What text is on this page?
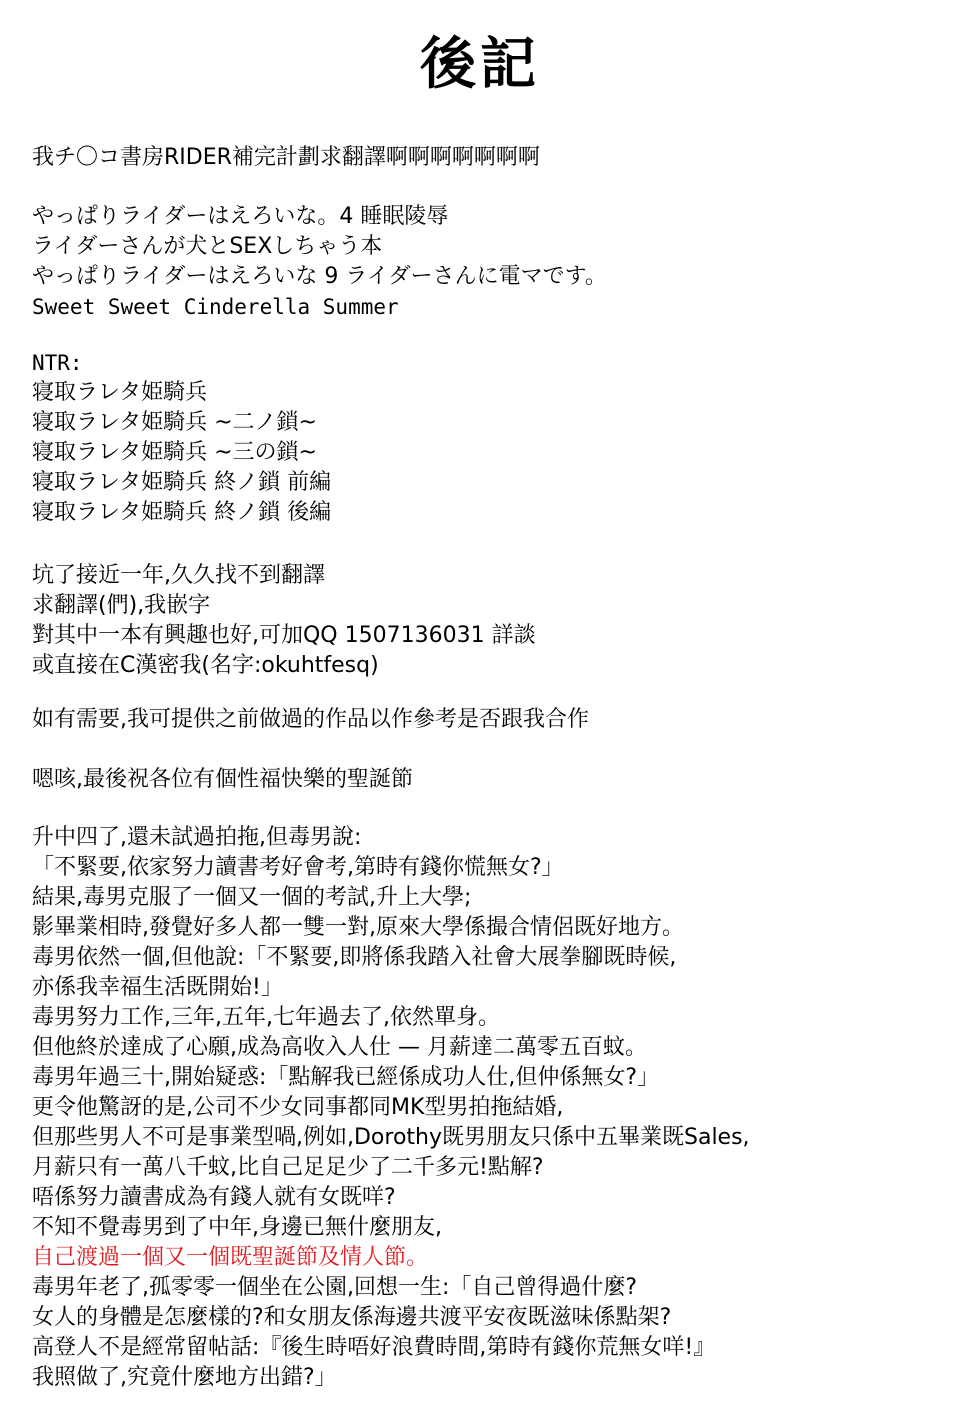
後記
我チ〇コ書房RIDER補完計劃求翻譯啊啊啊啊啊啊啊
やっぱりライダーはえろいな。4 睡眠陵辱
ライダーさんが犬とSEXしちゃう本
やっぱりライダーはえろいな 9 ライダーさんに電マです。
Sweet Sweet Cinderella Summer
NTR:
寝取ラレタ姫騎兵
寝取ラレタ姫騎兵 ~二ノ鎖~
寝取ラレタ姫騎兵 ~三の鎖~
寝取ラレタ姫騎兵 終ノ鎖 前編
寝取ラレタ姫騎兵 終ノ鎖 後編
坑了接近一年,久久找不到翻譯
求翻譯(們),我嵌字
對其中一本有興趣也好,可加QQ 1507136031 詳談
或直接在C漢密我(名字:okuhtfesq)
如有需要,我可提供之前做過的作品以作參考是否跟我合作
嗯咳,最後祝各位有個性福快樂的聖誕節
升中四了,還未試過拍拖,但毒男說:
「不緊要,依家努力讀書考好會考,第時有錢你慌無女?」
結果,毒男克服了一個又一個的考試,升上大學;
影畢業相時,發覺好多人都一雙一對,原來大學係撮合情侶既好地方。
毒男依然一個,但他說:「不緊要,即將係我踏入社會大展拳腳既時候,
亦係我幸福生活既開始!」
毒男努力工作,三年,五年,七年過去了,依然單身。
但他終於達成了心願,成為高收入人仕 — 月薪達二萬零五百蚊。
毒男年過三十,開始疑惑:「點解我已經係成功人仕,但仲係無女?」
更令他驚訝的是,公司不少女同事都同MK型男拍拖結婚,
但那些男人不可是事業型喎,例如,Dorothy既男朋友只係中五畢業既Sales,
月薪只有一萬八千蚊,比自己足足少了二千多元!點解?
唔係努力讀書成為有錢人就有女既咩?
不知不覺毒男到了中年,身邊已無什麼朋友,
自己渡過一個又一個既聖誕節及情人節。
毒男年老了,孤零零一個坐在公園,回想一生:「自己曾得過什麼?
女人的身體是怎麼樣的?和女朋友係海邊共渡平安夜既滋味係點架?
高登人不是經常留帖話:『後生時唔好浪費時間,第時有錢你荒無女咩!』
我照做了,究竟什麼地方出錯?」
